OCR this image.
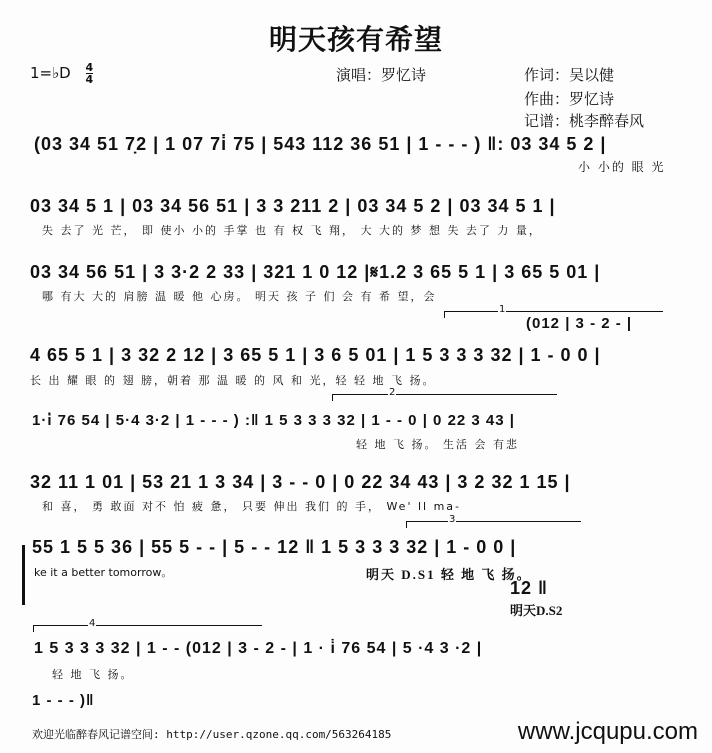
明天孩有希望
1=♭D $\frac{4}{4}$	演唱：罗忆诗	作词：吴以健
作曲：罗忆诗
记谱：桃李醉春风
(03 34 51 7̣2 | 1 07 7i̇ 75 | 543 112 36 51 | 1 - - - ) ‖: 03 34 5 2 |
小 小的 眼 光
03 34 5 1 | 03 34 56 51 | 3 3 211 2 | 03 34 5 2 | 03 34 5 1 |
失 去了 光 芒， 即 使小 小的 手掌 也 有 权 飞 翔， 大 大的 梦 想 失 去了 力 量，
03 34 56 51 | 3 3·2 2 33 | 321 1 0 12 |𝄋1.2 3 65 5 1 | 3 65 5 01 |
哪 有大 大的 肩膀 温 暖 他 心房。 明天 孩 子 们 会 有 希 望，会
1
(012 | 3 - 2 - |
4 65 5 1 | 3 32 2 12 | 3 65 5 1 | 3 6 5 01 | 1 5 3 3 3 32 | 1 - 0 0 |
长 出 耀 眼 的 翅 膀，朝着 那 温 暖 的 风 和 光，轻 轻 地 飞 扬。
2
1·i̇ 76 54 | 5·4 3·2 | 1 - - - ) :‖ 1 5 3 3 3 32 | 1 - - 0 | 0 22 3 43 |
轻 地 飞 扬。 生活 会 有悲
32 11 1 01 | 53 21 1 3 34 | 3 - - 0 | 0 22 34 43 | 3 2 32 1 15 |
和 喜， 勇 敢面 对不 怕 疲 惫， 只要 伸出 我们 的 手， We' ll ma-
3
55 1 5 5 36 | 55 5 - - | 5 - - 12 ‖ 1 5 3 3 3 32 | 1 - 0 0 |
ke it a better tomorrow。	明天 D.S1 轻 地 飞 扬。
12 ‖
明天D.S2
4
1 5 3 3 3 32 | 1 - - (012 | 3 - 2 - | 1 · i̇ 76 54 | 5 ·4 3 ·2 |
轻 地 飞 扬。
1 - - - )‖
欢迎光临醉春风记谱空间: http://user.qzone.qq.com/563264185	www.jcqupu.com
